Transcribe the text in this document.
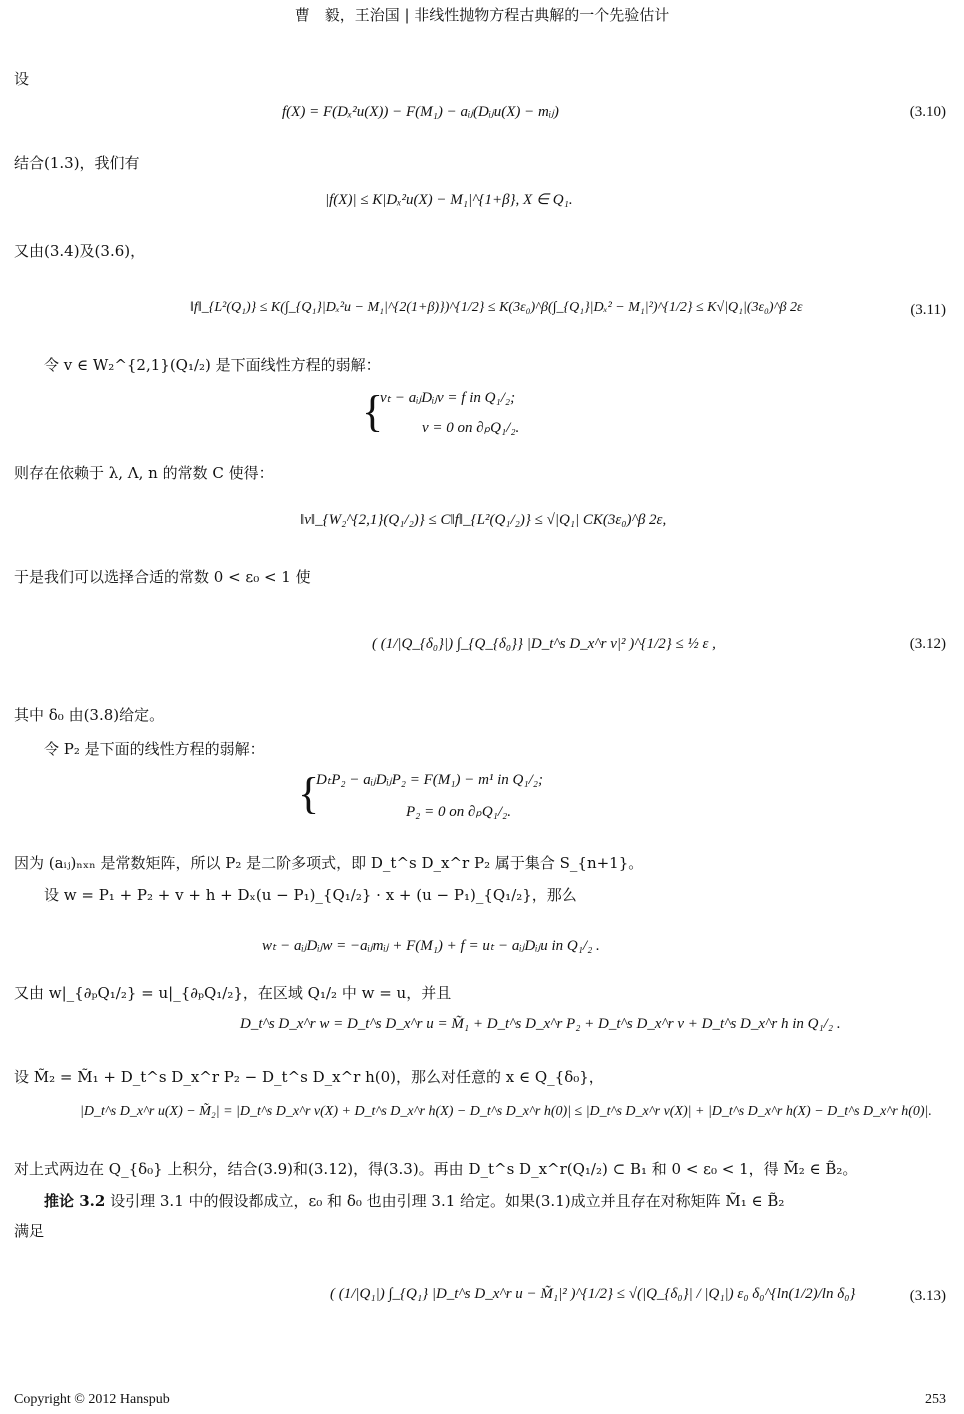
曹　毅，王治国 | 非线性抛物方程古典解的一个先验估计
设
f(X) = F(Dₓ²u(X)) − F(M₁) − aᵢⱼ(Dᵢⱼu(X) − mᵢⱼ)	(3.10)
结合(1.3)，我们有
|f(X)| ≤ K|Dₓ²u(X) − M₁|^{1+β}, X ∈ Q₁.
又由(3.4)及(3.6)，
‖f‖_{L²(Q₁)} ≤ K(∫_{Q₁}|Dₓ²u − M₁|^{2(1+β)})^{1/2} ≤ K(3ε₀)^β(∫_{Q₁}|Dₓ² − M₁|²)^{1/2} ≤ K√|Q₁|(3ε₀)^β 2ε	(3.11)
令 v ∈ W₂^{2,1}(Q₁/₂) 是下面线性方程的弱解：
{
vₜ − aᵢⱼDᵢⱼv = f in Q₁/₂;
v = 0 on ∂ₚQ₁/₂.
则存在依赖于 λ, Λ, n 的常数 C 使得：
‖v‖_{W₂^{2,1}(Q₁/₂)} ≤ C‖f‖_{L²(Q₁/₂)} ≤ √|Q₁| CK(3ε₀)^β 2ε,
于是我们可以选择合适的常数 0 < ε₀ < 1 使
( (1/|Q_{δ₀}|) ∫_{Q_{δ₀}} |D_t^s D_x^r v|² )^{1/2} ≤ ½ ε ,	(3.12)
其中 δ₀ 由(3.8)给定。
令 P₂ 是下面的线性方程的弱解：
{
DₜP₂ − aᵢⱼDᵢⱼP₂ = F(M₁) − m¹ in Q₁/₂;
P₂ = 0 on ∂ₚQ₁/₂.
因为 (aᵢⱼ)ₙₓₙ 是常数矩阵，所以 P₂ 是二阶多项式，即 D_t^s D_x^r P₂ 属于集合 S_{n+1}。
设 w = P₁ + P₂ + v + h + Dₓ(u − P₁)_{Q₁/₂} · x + (u − P₁)_{Q₁/₂}，那么
wₜ − aᵢⱼDᵢⱼw = −aᵢⱼmᵢⱼ + F(M₁) + f = uₜ − aᵢⱼDᵢⱼu in Q₁/₂ .
又由 w|_{∂ₚQ₁/₂} = u|_{∂ₚQ₁/₂}，在区域 Q₁/₂ 中 w = u，并且
D_t^s D_x^r w = D_t^s D_x^r u = M̃₁ + D_t^s D_x^r P₂ + D_t^s D_x^r v + D_t^s D_x^r h in Q₁/₂ .
设 M̃₂ = M̃₁ + D_t^s D_x^r P₂ − D_t^s D_x^r h(0)，那么对任意的 x ∈ Q_{δ₀}，
|D_t^s D_x^r u(X) − M̃₂| = |D_t^s D_x^r v(X) + D_t^s D_x^r h(X) − D_t^s D_x^r h(0)| ≤ |D_t^s D_x^r v(X)| + |D_t^s D_x^r h(X) − D_t^s D_x^r h(0)|.
对上式两边在 Q_{δ₀} 上积分，结合(3.9)和(3.12)，得(3.3)。再由 D_t^s D_x^r(Q₁/₂) ⊂ B₁ 和 0 < ε₀ < 1，得 M̃₂ ∈ B̃₂。
推论 3.2 设引理 3.1 中的假设都成立，ε₀ 和 δ₀ 也由引理 3.1 给定。如果(3.1)成立并且存在对称矩阵 M̃₁ ∈ B̃₂
满足
( (1/|Q₁|) ∫_{Q₁} |D_t^s D_x^r u − M̃₁|² )^{1/2} ≤ √(|Q_{δ₀}| / |Q₁|) ε₀ δ₀^{ln(1/2)/ln δ₀}	(3.13)
Copyright © 2012 Hanspub	253
